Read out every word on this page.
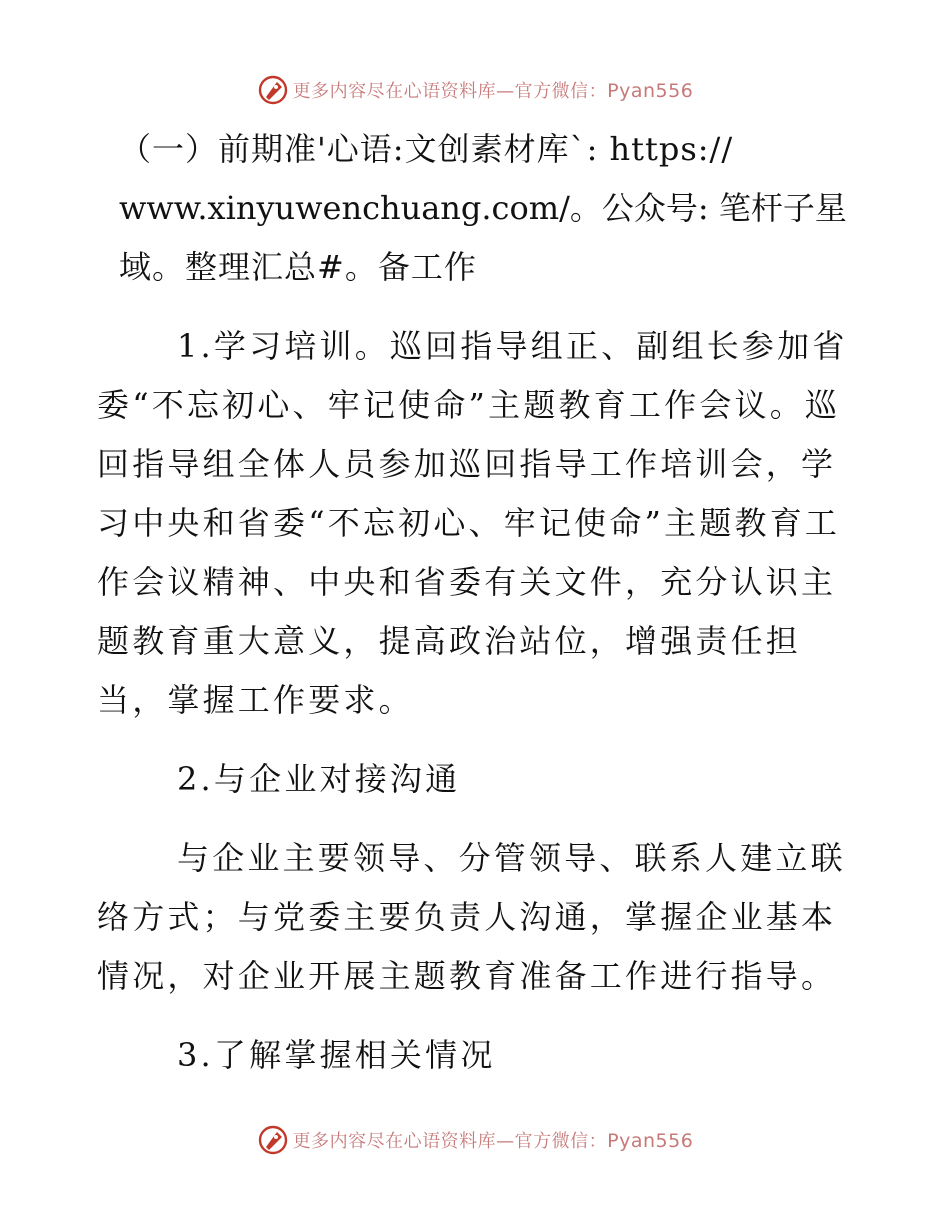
更多内容尽在心语资料库—官方微信：Pyan556

（一）前期准'心语:文创素材库`: https://
www.xinyuwenchuang.com/。公众号: 笔杆子星
域。整理汇总#。备工作

1.学习培训。巡回指导组正、副组长参加省委“不忘初心、牢记使命”主题教育工作会议。巡回指导组全体人员参加巡回指导工作培训会，学习中央和省委“不忘初心、牢记使命”主题教育工作会议精神、中央和省委有关文件，充分认识主题教育重大意义，提高政治站位，增强责任担当，掌握工作要求。

2.与企业对接沟通

与企业主要领导、分管领导、联系人建立联络方式；与党委主要负责人沟通，掌握企业基本情况，对企业开展主题教育准备工作进行指导。

3.了解掌握相关情况

更多内容尽在心语资料库—官方微信：Pyan556
